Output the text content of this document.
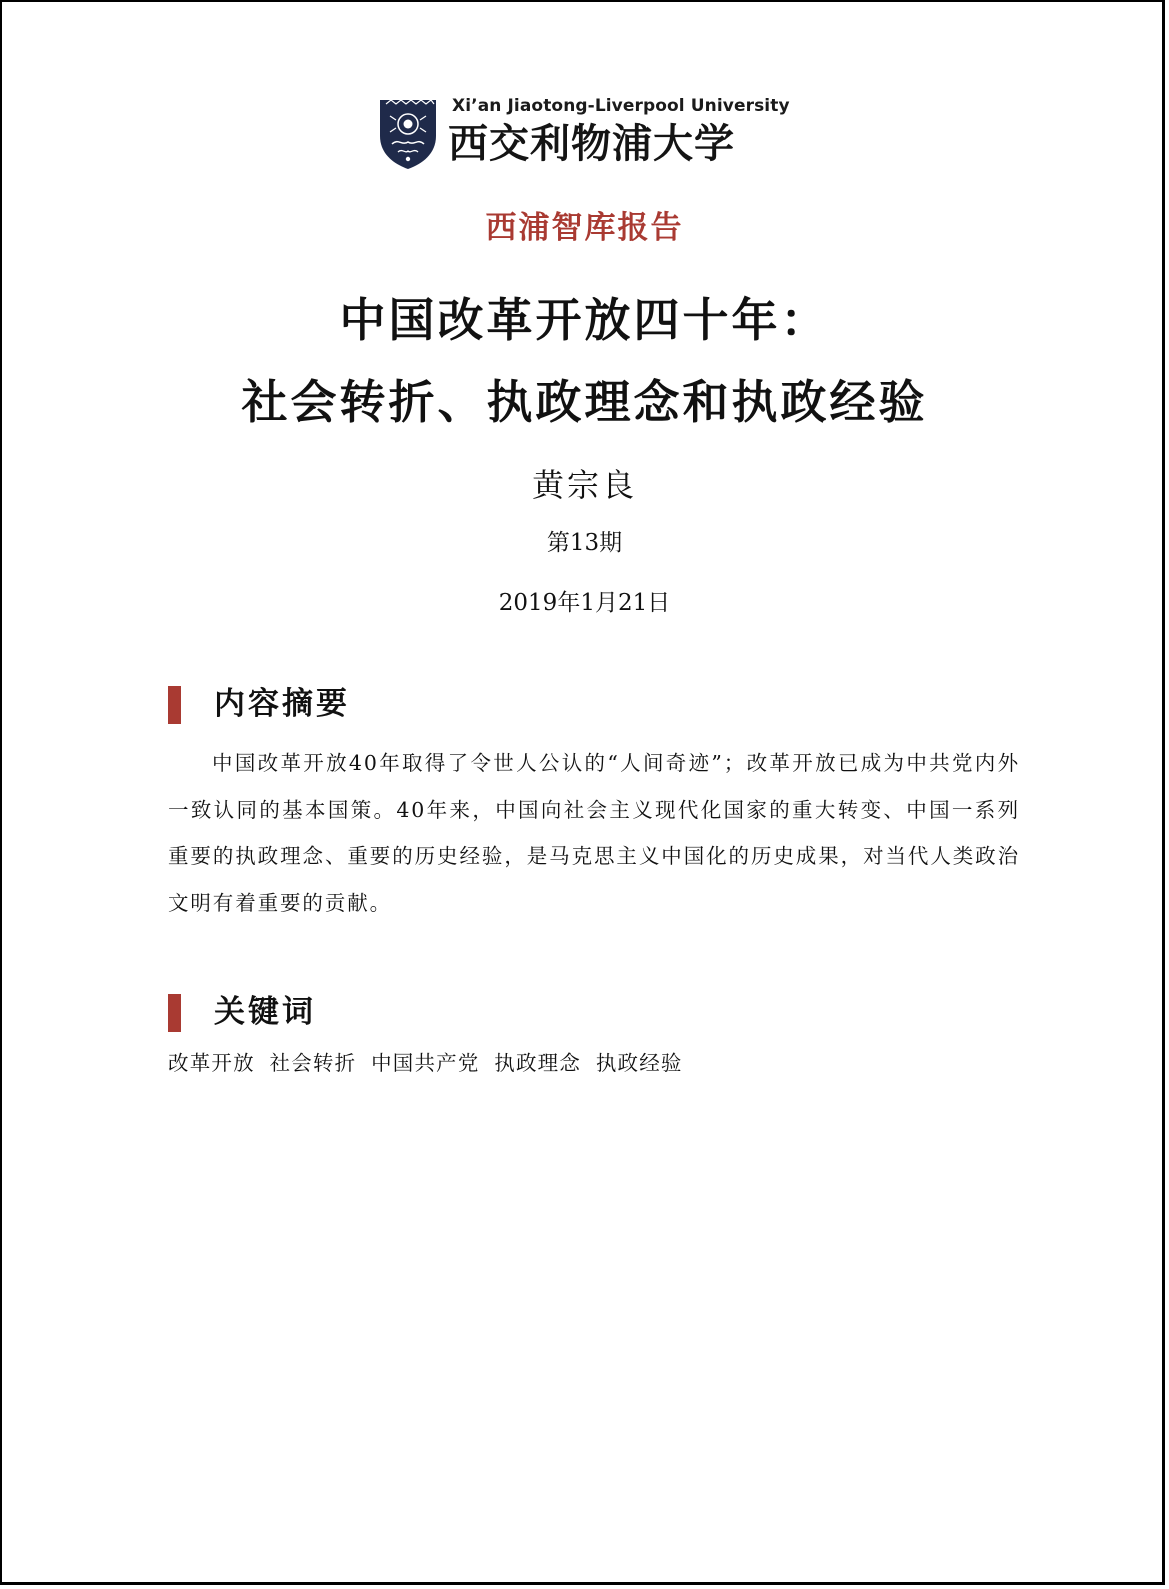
Xi’an Jiaotong-Liverpool University
西交利物浦大学
西浦智库报告
中国改革开放四十年：
社会转折、执政理念和执政经验
黄宗良
第13期
2019年1月21日
内容摘要

中国改革开放40年取得了令世人公认的“人间奇迹”；改革开放已成为中共党内外一致认同的基本国策。40年来，中国向社会主义现代化国家的重大转变、中国一系列重要的执政理念、重要的历史经验，是马克思主义中国化的历史成果，对当代人类政治文明有着重要的贡献。

关键词
改革开放 社会转折 中国共产党 执政理念 执政经验
